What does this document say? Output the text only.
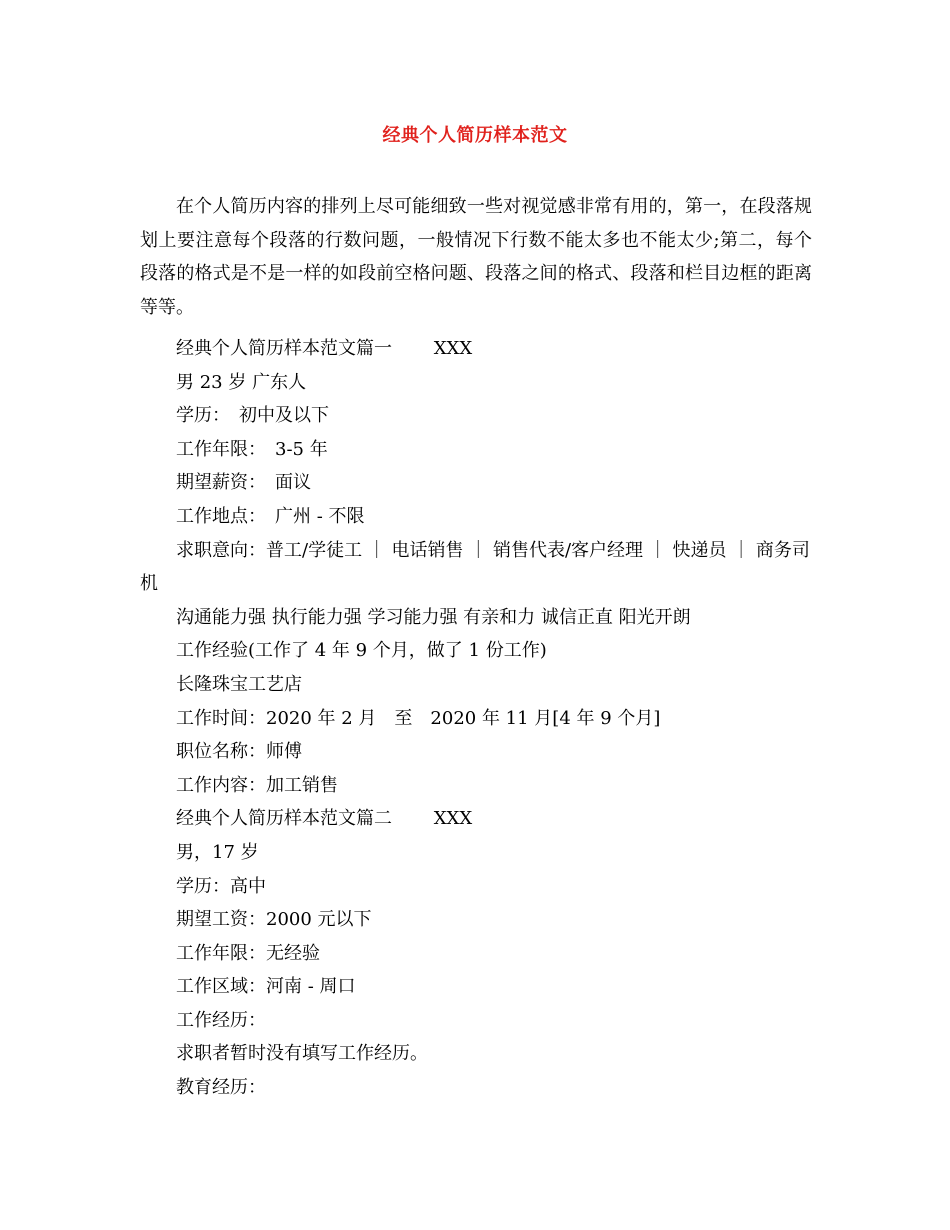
经典个人简历样本范文

在个人简历内容的排列上尽可能细致一些对视觉感非常有用的，第一，在段落规划上要注意每个段落的行数问题，一般情况下行数不能太多也不能太少;第二，每个段落的格式是不是一样的如段前空格问题、段落之间的格式、段落和栏目边框的距离等等。

经典个人简历样本范文篇一　　 XXX
男 23 岁 广东人
学历：　初中及以下
工作年限：　3-5 年
期望薪资：　面议
工作地点：　广州 - 不限
求职意向：普工/学徒工 ｜ 电话销售 ｜ 销售代表/客户经理 ｜ 快递员 ｜ 商务司机
沟通能力强 执行能力强 学习能力强 有亲和力 诚信正直 阳光开朗
工作经验(工作了 4 年 9 个月，做了 1 份工作)
长隆珠宝工艺店
工作时间：2020 年 2 月　至　2020 年 11 月[4 年 9 个月]
职位名称：师傅
工作内容：加工销售
经典个人简历样本范文篇二　　 XXX
男，17 岁
学历：高中
期望工资：2000 元以下
工作年限：无经验
工作区域：河南 - 周口
工作经历：
求职者暂时没有填写工作经历。
教育经历：
